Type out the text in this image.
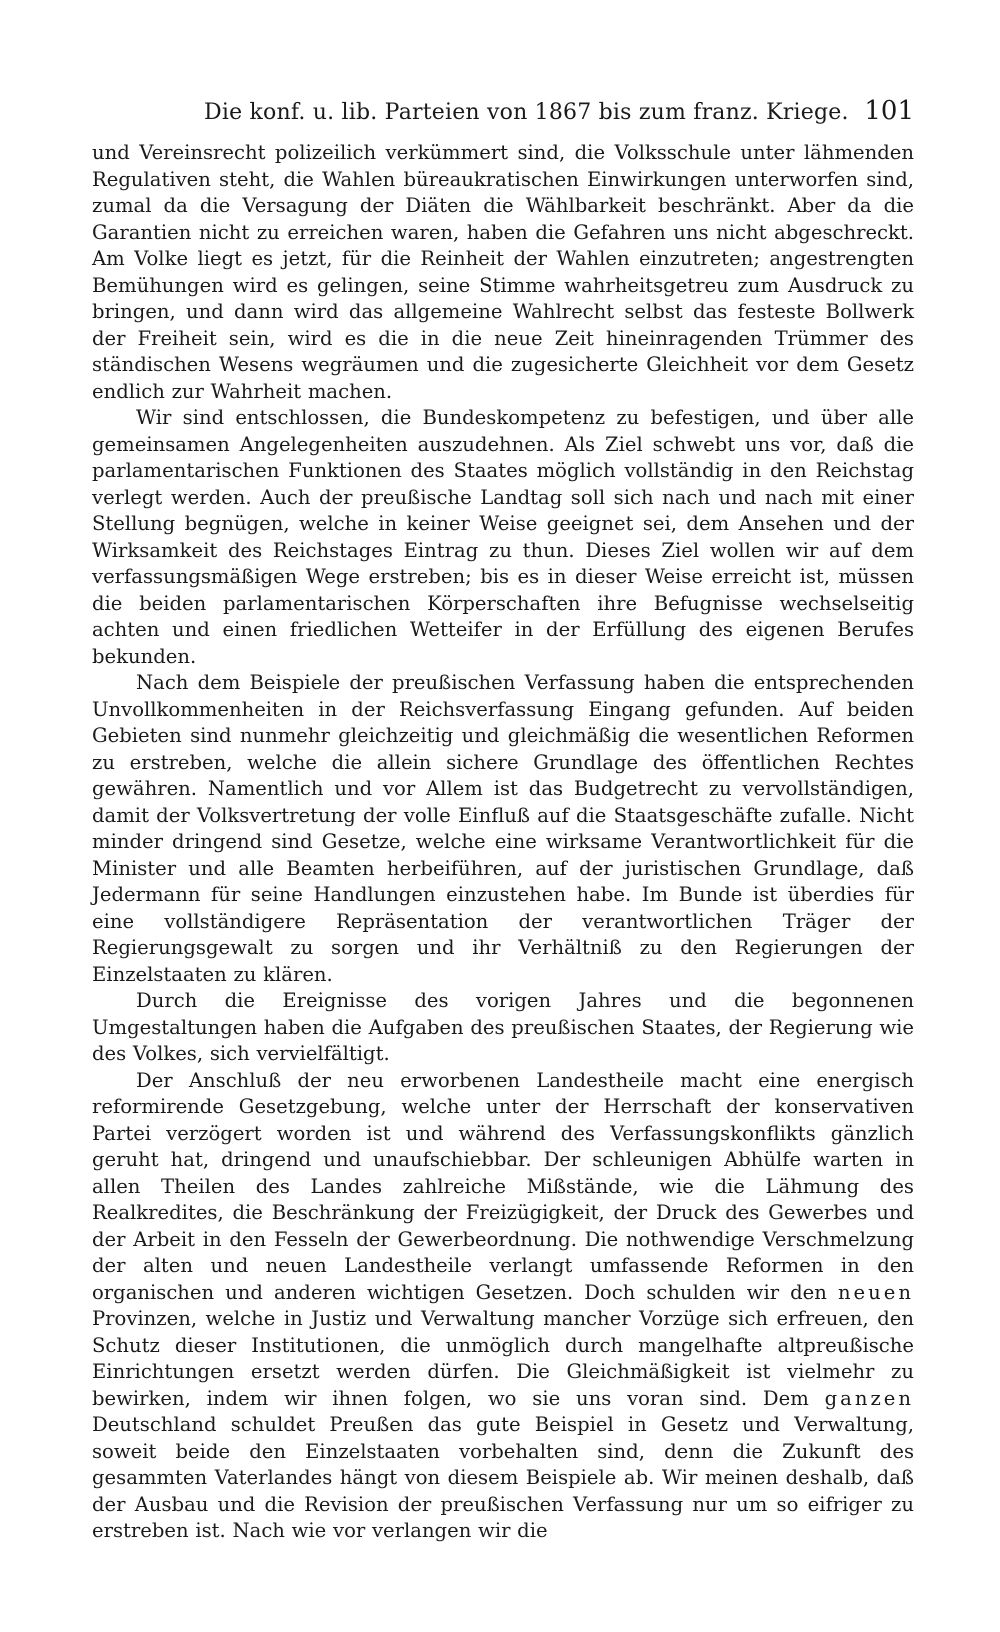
Die konf. u. lib. Parteien von 1867 bis zum franz. Kriege. 101

und Vereinsrecht polizeilich verkümmert sind, die Volksschule unter lähmenden Regulativen steht, die Wahlen büreaukratischen Einwirkungen unterworfen sind, zumal da die Versagung der Diäten die Wählbarkeit beschränkt. Aber da die Garantien nicht zu erreichen waren, haben die Gefahren uns nicht abgeschreckt. Am Volke liegt es jetzt, für die Reinheit der Wahlen einzutreten; angestrengten Bemühungen wird es gelingen, seine Stimme wahrheitsgetreu zum Ausdruck zu bringen, und dann wird das allgemeine Wahlrecht selbst das festeste Bollwerk der Freiheit sein, wird es die in die neue Zeit hineinragenden Trümmer des ständischen Wesens wegräumen und die zugesicherte Gleichheit vor dem Gesetz endlich zur Wahrheit machen.

Wir sind entschlossen, die Bundeskompetenz zu befestigen, und über alle gemeinsamen Angelegenheiten auszudehnen. Als Ziel schwebt uns vor, daß die parlamentarischen Funktionen des Staates möglich vollständig in den Reichstag verlegt werden. Auch der preußische Landtag soll sich nach und nach mit einer Stellung begnügen, welche in keiner Weise geeignet sei, dem Ansehen und der Wirksamkeit des Reichstages Eintrag zu thun. Dieses Ziel wollen wir auf dem verfassungsmäßigen Wege erstreben; bis es in dieser Weise erreicht ist, müssen die beiden parlamentarischen Körperschaften ihre Befugnisse wechselseitig achten und einen friedlichen Wetteifer in der Erfüllung des eigenen Berufes bekunden.

Nach dem Beispiele der preußischen Verfassung haben die entsprechenden Unvollkommenheiten in der Reichsverfassung Eingang gefunden. Auf beiden Gebieten sind nunmehr gleichzeitig und gleichmäßig die wesentlichen Reformen zu erstreben, welche die allein sichere Grundlage des öffentlichen Rechtes gewähren. Namentlich und vor Allem ist das Budgetrecht zu vervollständigen, damit der Volksvertretung der volle Einfluß auf die Staatsgeschäfte zufalle. Nicht minder dringend sind Gesetze, welche eine wirksame Verantwortlichkeit für die Minister und alle Beamten herbeiführen, auf der juristischen Grundlage, daß Jedermann für seine Handlungen einzustehen habe. Im Bunde ist überdies für eine vollständigere Repräsentation der verantwortlichen Träger der Regierungsgewalt zu sorgen und ihr Verhältniß zu den Regierungen der Einzelstaaten zu klären.

Durch die Ereignisse des vorigen Jahres und die begonnenen Umgestaltungen haben die Aufgaben des preußischen Staates, der Regierung wie des Volkes, sich vervielfältigt.

Der Anschluß der neu erworbenen Landestheile macht eine energisch reformirende Gesetzgebung, welche unter der Herrschaft der konservativen Partei verzögert worden ist und während des Verfassungskonflikts gänzlich geruht hat, dringend und unaufschiebbar. Der schleunigen Abhülfe warten in allen Theilen des Landes zahlreiche Mißstände, wie die Lähmung des Realkredites, die Beschränkung der Freizügigkeit, der Druck des Gewerbes und der Arbeit in den Fesseln der Gewerbeordnung. Die nothwendige Verschmelzung der alten und neuen Landestheile verlangt umfassende Reformen in den organischen und anderen wichtigen Gesetzen. Doch schulden wir den neuen Provinzen, welche in Justiz und Verwaltung mancher Vorzüge sich erfreuen, den Schutz dieser Institutionen, die unmöglich durch mangelhafte altpreußische Einrichtungen ersetzt werden dürfen. Die Gleichmäßigkeit ist vielmehr zu bewirken, indem wir ihnen folgen, wo sie uns voran sind. Dem ganzen Deutschland schuldet Preußen das gute Beispiel in Gesetz und Verwaltung, soweit beide den Einzelstaaten vorbehalten sind, denn die Zukunft des gesammten Vaterlandes hängt von diesem Beispiele ab. Wir meinen deshalb, daß der Ausbau und die Revision der preußischen Verfassung nur um so eifriger zu erstreben ist. Nach wie vor verlangen wir die
